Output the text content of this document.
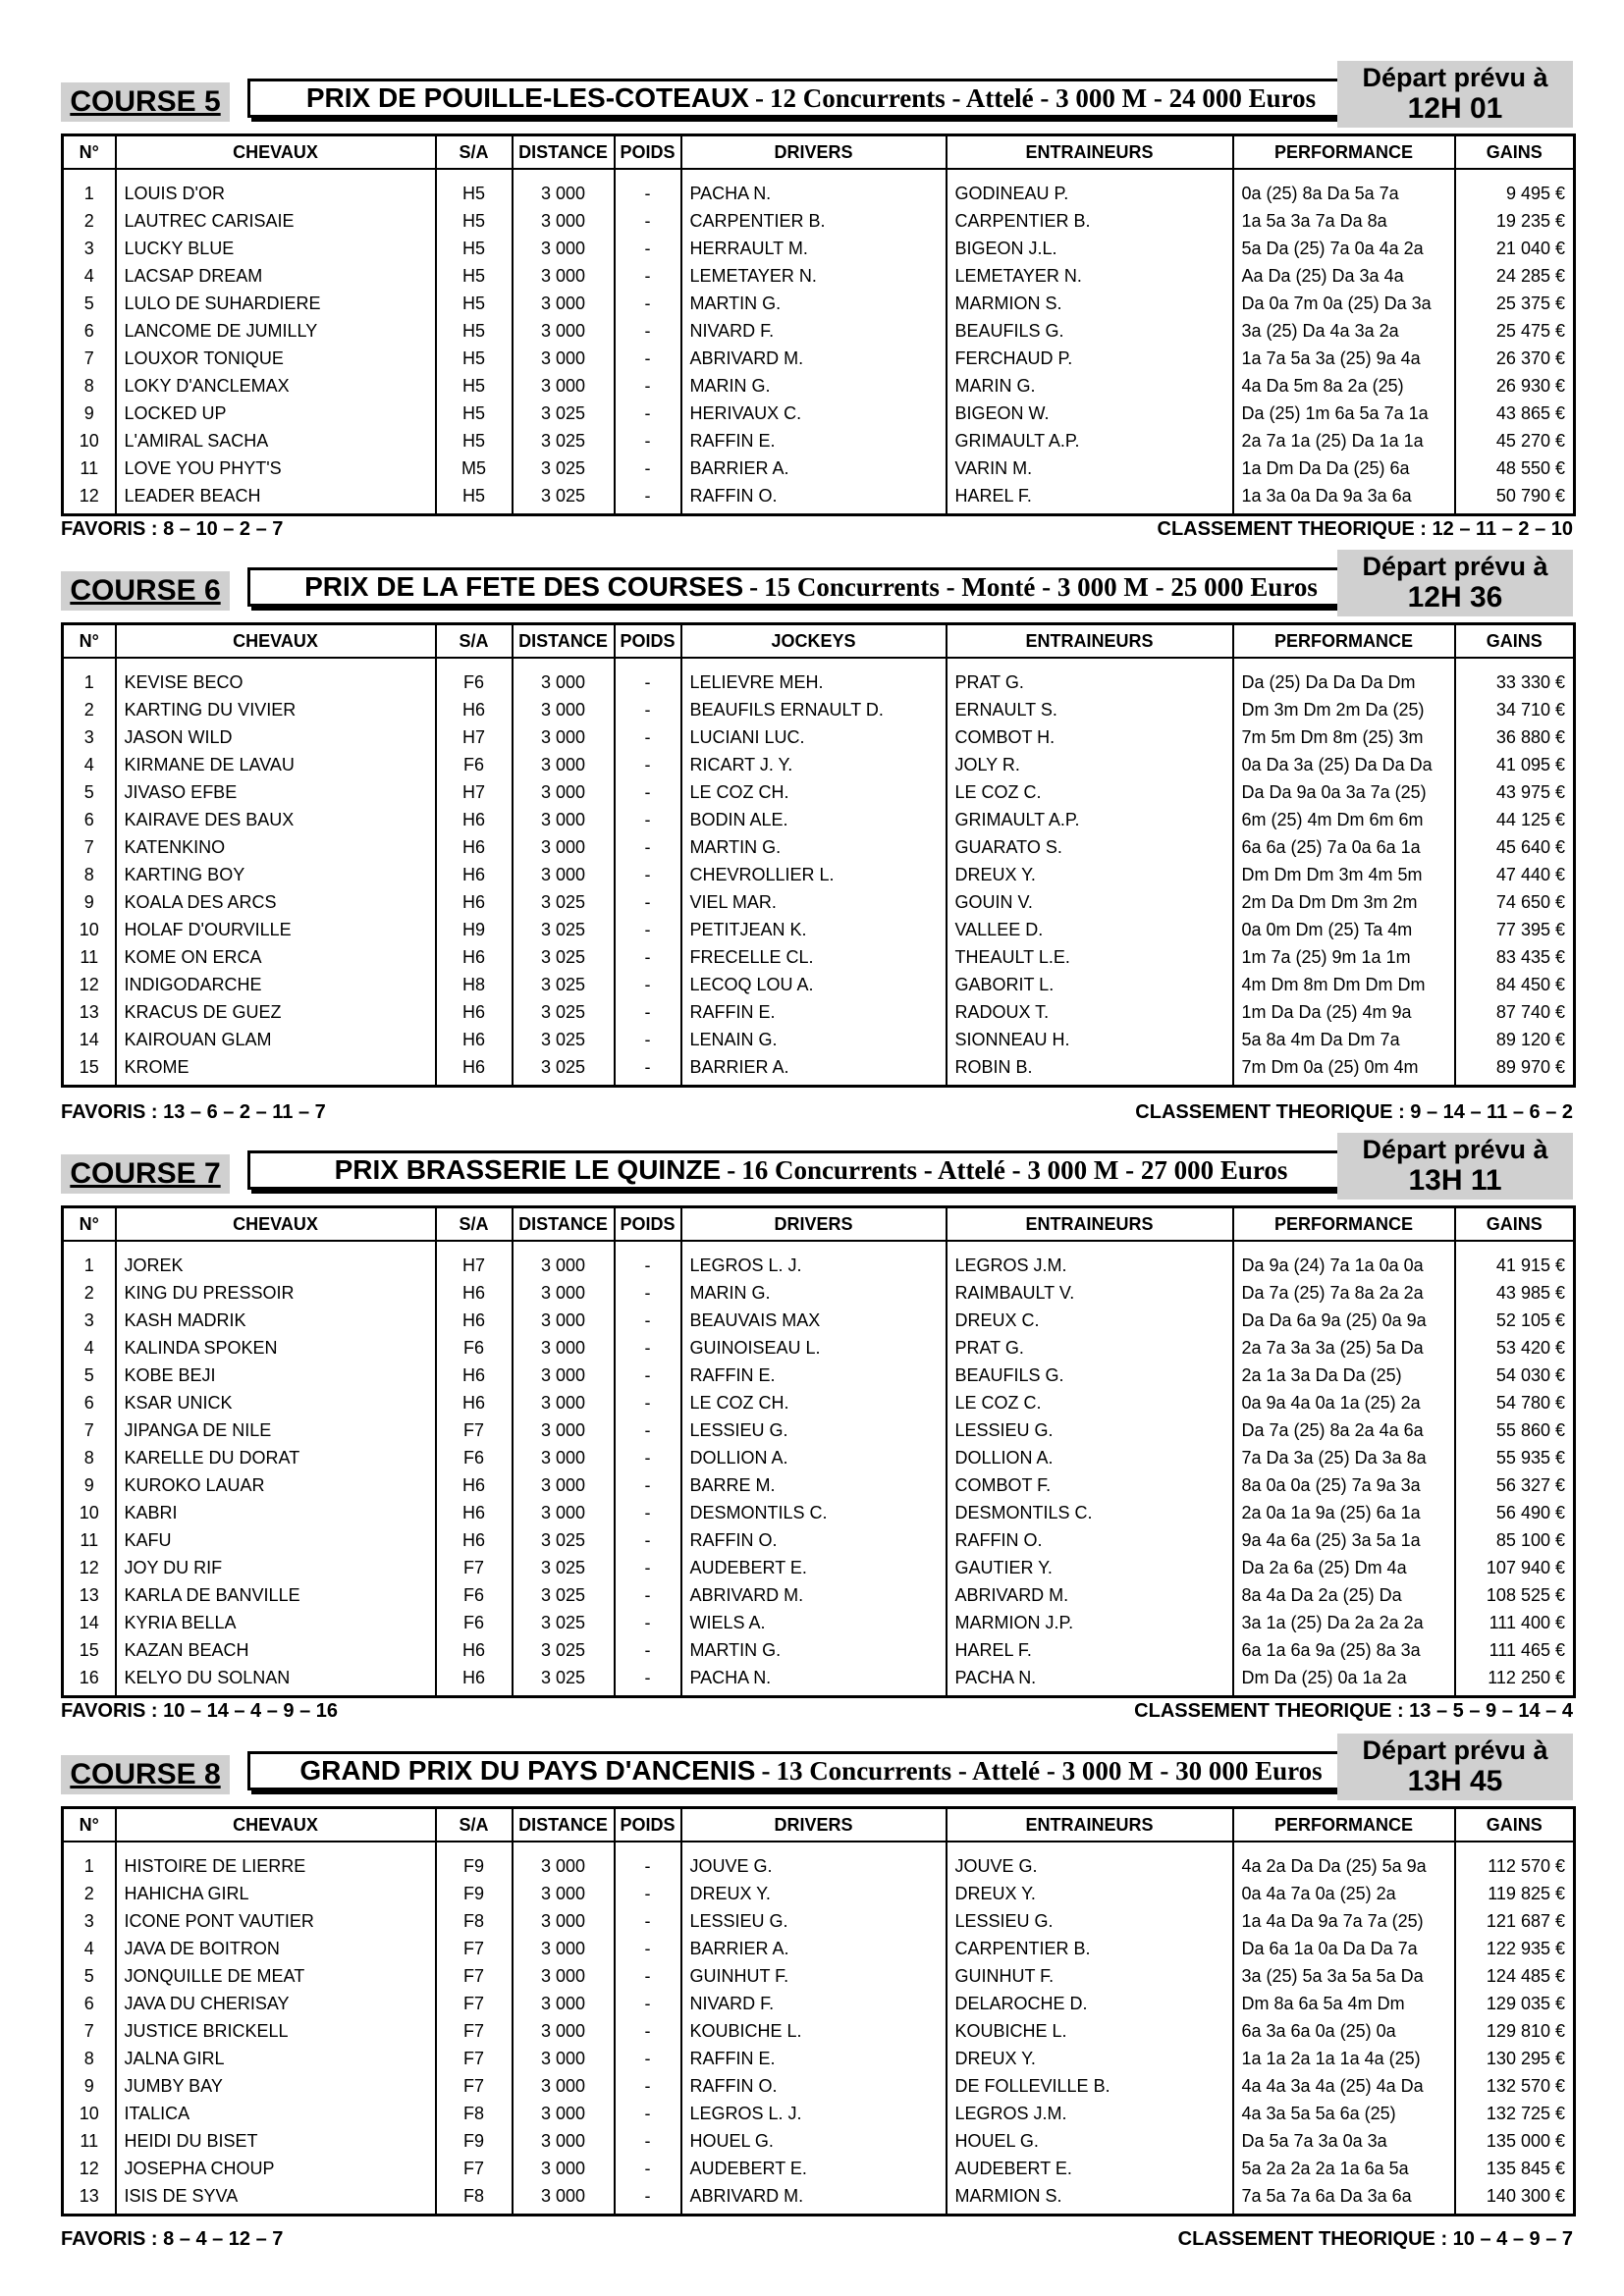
COURSE 5	PRIX DE POUILLE-LES-COTEAUX - 12 Concurrents - Attelé - 3 000 M - 24 000 Euros
Départ prévu à
12H 01
N°	CHEVAUX	S/A	DISTANCE	POIDS	DRIVERS	ENTRAINEURS	PERFORMANCE	GAINS
1	LOUIS D'OR	H5	3 000	-	PACHA N.	GODINEAU P.	0a (25) 8a Da 5a 7a	9 495 €
2	LAUTREC CARISAIE	H5	3 000	-	CARPENTIER B.	CARPENTIER B.	1a 5a 3a 7a Da 8a	19 235 €
3	LUCKY BLUE	H5	3 000	-	HERRAULT M.	BIGEON J.L.	5a Da (25) 7a 0a 4a 2a	21 040 €
4	LACSAP DREAM	H5	3 000	-	LEMETAYER N.	LEMETAYER N.	Aa Da (25) Da 3a 4a	24 285 €
5	LULO DE SUHARDIERE	H5	3 000	-	MARTIN G.	MARMION S.	Da 0a 7m 0a (25) Da 3a	25 375 €
6	LANCOME DE JUMILLY	H5	3 000	-	NIVARD F.	BEAUFILS G.	3a (25) Da 4a 3a 2a	25 475 €
7	LOUXOR TONIQUE	H5	3 000	-	ABRIVARD M.	FERCHAUD P.	1a 7a 5a 3a (25) 9a 4a	26 370 €
8	LOKY D'ANCLEMAX	H5	3 000	-	MARIN G.	MARIN G.	4a Da 5m 8a 2a (25)	26 930 €
9	LOCKED UP	H5	3 025	-	HERIVAUX C.	BIGEON W.	Da (25) 1m 6a 5a 7a 1a	43 865 €
10	L'AMIRAL SACHA	H5	3 025	-	RAFFIN E.	GRIMAULT A.P.	2a 7a 1a (25) Da 1a 1a	45 270 €
11	LOVE YOU PHYT'S	M5	3 025	-	BARRIER A.	VARIN M.	1a Dm Da Da (25) 6a	48 550 €
12	LEADER BEACH	H5	3 025	-	RAFFIN O.	HAREL F.	1a 3a 0a Da 9a 3a 6a	50 790 €
FAVORIS : 8 – 10 – 2 – 7	CLASSEMENT THEORIQUE : 12 – 11 – 2 – 10
COURSE 6	PRIX DE LA FETE DES COURSES - 15 Concurrents - Monté - 3 000 M - 25 000 Euros
Départ prévu à
12H 36
N°	CHEVAUX	S/A	DISTANCE	POIDS	JOCKEYS	ENTRAINEURS	PERFORMANCE	GAINS
1	KEVISE BECO	F6	3 000	-	LELIEVRE MEH.	PRAT G.	Da (25) Da Da Da Dm	33 330 €
2	KARTING DU VIVIER	H6	3 000	-	BEAUFILS ERNAULT D.	ERNAULT S.	Dm 3m Dm 2m Da (25)	34 710 €
3	JASON WILD	H7	3 000	-	LUCIANI LUC.	COMBOT H.	7m 5m Dm 8m (25) 3m	36 880 €
4	KIRMANE DE LAVAU	F6	3 000	-	RICART J. Y.	JOLY R.	0a Da 3a (25) Da Da Da	41 095 €
5	JIVASO EFBE	H7	3 000	-	LE COZ CH.	LE COZ C.	Da Da 9a 0a 3a 7a (25)	43 975 €
6	KAIRAVE DES BAUX	H6	3 000	-	BODIN ALE.	GRIMAULT A.P.	6m (25) 4m Dm 6m 6m	44 125 €
7	KATENKINO	H6	3 000	-	MARTIN G.	GUARATO S.	6a 6a (25) 7a 0a 6a 1a	45 640 €
8	KARTING BOY	H6	3 000	-	CHEVROLLIER L.	DREUX Y.	Dm Dm Dm 3m 4m 5m	47 440 €
9	KOALA DES ARCS	H6	3 025	-	VIEL MAR.	GOUIN V.	2m Da Dm Dm 3m 2m	74 650 €
10	HOLAF D'OURVILLE	H9	3 025	-	PETITJEAN K.	VALLEE D.	0a 0m Dm (25) Ta 4m	77 395 €
11	KOME ON ERCA	H6	3 025	-	FRECELLE CL.	THEAULT L.E.	1m 7a (25) 9m 1a 1m	83 435 €
12	INDIGODARCHE	H8	3 025	-	LECOQ LOU A.	GABORIT L.	4m Dm 8m Dm Dm Dm	84 450 €
13	KRACUS DE GUEZ	H6	3 025	-	RAFFIN E.	RADOUX T.	1m Da Da (25) 4m 9a	87 740 €
14	KAIROUAN GLAM	H6	3 025	-	LENAIN G.	SIONNEAU H.	5a 8a 4m Da Dm 7a	89 120 €
15	KROME	H6	3 025	-	BARRIER A.	ROBIN B.	7m Dm 0a (25) 0m 4m	89 970 €
FAVORIS : 13 – 6 – 2 – 11 – 7	CLASSEMENT THEORIQUE : 9 – 14 – 11 – 6 – 2
COURSE 7	PRIX BRASSERIE LE QUINZE - 16 Concurrents - Attelé - 3 000 M - 27 000 Euros
Départ prévu à
13H 11
N°	CHEVAUX	S/A	DISTANCE	POIDS	DRIVERS	ENTRAINEURS	PERFORMANCE	GAINS
1	JOREK	H7	3 000	-	LEGROS L. J.	LEGROS J.M.	Da 9a (24) 7a 1a 0a 0a	41 915 €
2	KING DU PRESSOIR	H6	3 000	-	MARIN G.	RAIMBAULT V.	Da 7a (25) 7a 8a 2a 2a	43 985 €
3	KASH MADRIK	H6	3 000	-	BEAUVAIS MAX	DREUX C.	Da Da 6a 9a (25) 0a 9a	52 105 €
4	KALINDA SPOKEN	F6	3 000	-	GUINOISEAU L.	PRAT G.	2a 7a 3a 3a (25) 5a Da	53 420 €
5	KOBE BEJI	H6	3 000	-	RAFFIN E.	BEAUFILS G.	2a 1a 3a Da Da (25)	54 030 €
6	KSAR UNICK	H6	3 000	-	LE COZ CH.	LE COZ C.	0a 9a 4a 0a 1a (25) 2a	54 780 €
7	JIPANGA DE NILE	F7	3 000	-	LESSIEU G.	LESSIEU G.	Da 7a (25) 8a 2a 4a 6a	55 860 €
8	KARELLE DU DORAT	F6	3 000	-	DOLLION A.	DOLLION A.	7a Da 3a (25) Da 3a 8a	55 935 €
9	KUROKO LAUAR	H6	3 000	-	BARRE M.	COMBOT F.	8a 0a 0a (25) 7a 9a 3a	56 327 €
10	KABRI	H6	3 000	-	DESMONTILS C.	DESMONTILS C.	2a 0a 1a 9a (25) 6a 1a	56 490 €
11	KAFU	H6	3 025	-	RAFFIN O.	RAFFIN O.	9a 4a 6a (25) 3a 5a 1a	85 100 €
12	JOY DU RIF	F7	3 025	-	AUDEBERT E.	GAUTIER Y.	Da 2a 6a (25) Dm 4a	107 940 €
13	KARLA DE BANVILLE	F6	3 025	-	ABRIVARD M.	ABRIVARD M.	8a 4a Da 2a (25) Da	108 525 €
14	KYRIA BELLA	F6	3 025	-	WIELS A.	MARMION J.P.	3a 1a (25) Da 2a 2a 2a	111 400 €
15	KAZAN BEACH	H6	3 025	-	MARTIN G.	HAREL F.	6a 1a 6a 9a (25) 8a 3a	111 465 €
16	KELYO DU SOLNAN	H6	3 025	-	PACHA N.	PACHA N.	Dm Da (25) 0a 1a 2a	112 250 €
FAVORIS : 10 – 14 – 4 – 9 – 16	CLASSEMENT THEORIQUE : 13 – 5 – 9 – 14 – 4
COURSE 8	GRAND PRIX DU PAYS D'ANCENIS - 13 Concurrents - Attelé - 3 000 M - 30 000 Euros
Départ prévu à
13H 45
N°	CHEVAUX	S/A	DISTANCE	POIDS	DRIVERS	ENTRAINEURS	PERFORMANCE	GAINS
1	HISTOIRE DE LIERRE	F9	3 000	-	JOUVE G.	JOUVE G.	4a 2a Da Da (25) 5a 9a	112 570 €
2	HAHICHA GIRL	F9	3 000	-	DREUX Y.	DREUX Y.	0a 4a 7a 0a (25) 2a	119 825 €
3	ICONE PONT VAUTIER	F8	3 000	-	LESSIEU G.	LESSIEU G.	1a 4a Da 9a 7a 7a (25)	121 687 €
4	JAVA DE BOITRON	F7	3 000	-	BARRIER A.	CARPENTIER B.	Da 6a 1a 0a Da Da 7a	122 935 €
5	JONQUILLE DE MEAT	F7	3 000	-	GUINHUT F.	GUINHUT F.	3a (25) 5a 3a 5a 5a Da	124 485 €
6	JAVA DU CHERISAY	F7	3 000	-	NIVARD F.	DELAROCHE D.	Dm 8a 6a 5a 4m Dm	129 035 €
7	JUSTICE BRICKELL	F7	3 000	-	KOUBICHE L.	KOUBICHE L.	6a 3a 6a 0a (25) 0a	129 810 €
8	JALNA GIRL	F7	3 000	-	RAFFIN E.	DREUX Y.	1a 1a 2a 1a 1a 4a (25)	130 295 €
9	JUMBY BAY	F7	3 000	-	RAFFIN O.	DE FOLLEVILLE B.	4a 4a 3a 4a (25) 4a Da	132 570 €
10	ITALICA	F8	3 000	-	LEGROS L. J.	LEGROS J.M.	4a 3a 5a 5a 6a (25)	132 725 €
11	HEIDI DU BISET	F9	3 000	-	HOUEL G.	HOUEL G.	Da 5a 7a 3a 0a 3a	135 000 €
12	JOSEPHA CHOUP	F7	3 000	-	AUDEBERT E.	AUDEBERT E.	5a 2a 2a 2a 1a 6a 5a	135 845 €
13	ISIS DE SYVA	F8	3 000	-	ABRIVARD M.	MARMION S.	7a 5a 7a 6a Da 3a 6a	140 300 €
FAVORIS : 8 – 4 – 12 – 7	CLASSEMENT THEORIQUE : 10 – 4 – 9 – 7
